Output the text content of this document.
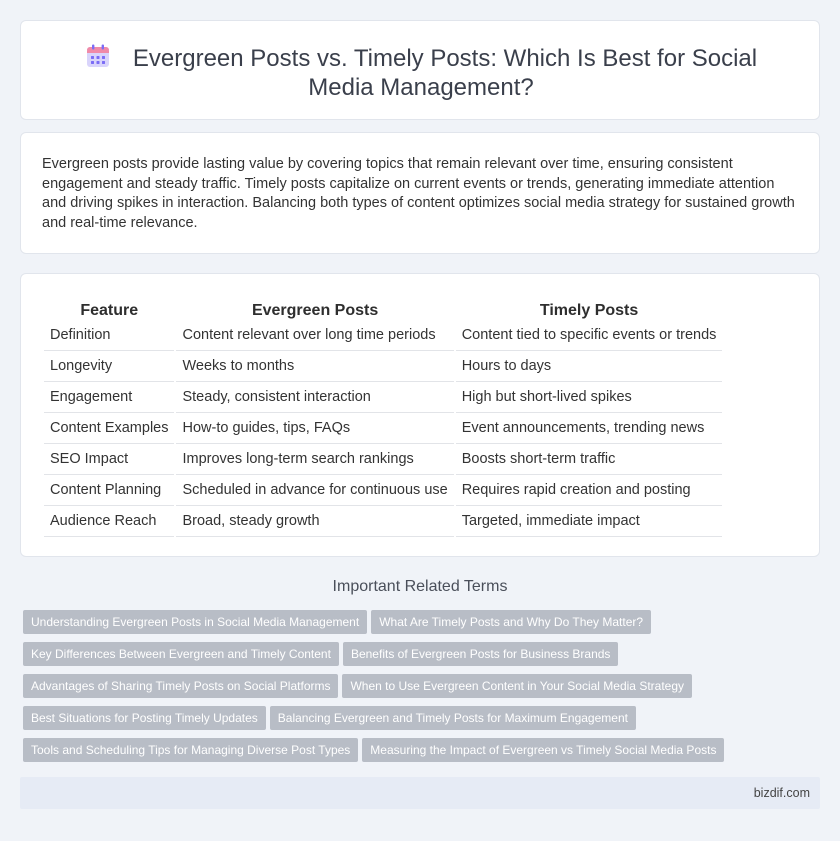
Evergreen Posts vs. Timely Posts: Which Is Best for Social Media Management?

Evergreen posts provide lasting value by covering topics that remain relevant over time, ensuring consistent engagement and steady traffic. Timely posts capitalize on current events or trends, generating immediate attention and driving spikes in interaction. Balancing both types of content optimizes social media strategy for sustained growth and real-time relevance.

Feature	Evergreen Posts	Timely Posts
Definition	Content relevant over long time periods	Content tied to specific events or trends
Longevity	Weeks to months	Hours to days
Engagement	Steady, consistent interaction	High but short-lived spikes
Content Examples	How-to guides, tips, FAQs	Event announcements, trending news
SEO Impact	Improves long-term search rankings	Boosts short-term traffic
Content Planning	Scheduled in advance for continuous use	Requires rapid creation and posting
Audience Reach	Broad, steady growth	Targeted, immediate impact
Important Related Terms
Understanding Evergreen Posts in Social Media Management What Are Timely Posts and Why Do They Matter?
Key Differences Between Evergreen and Timely Content Benefits of Evergreen Posts for Business Brands
Advantages of Sharing Timely Posts on Social Platforms When to Use Evergreen Content in Your Social Media Strategy
Best Situations for Posting Timely Updates Balancing Evergreen and Timely Posts for Maximum Engagement
Tools and Scheduling Tips for Managing Diverse Post Types Measuring the Impact of Evergreen vs Timely Social Media Posts
bizdif.com
